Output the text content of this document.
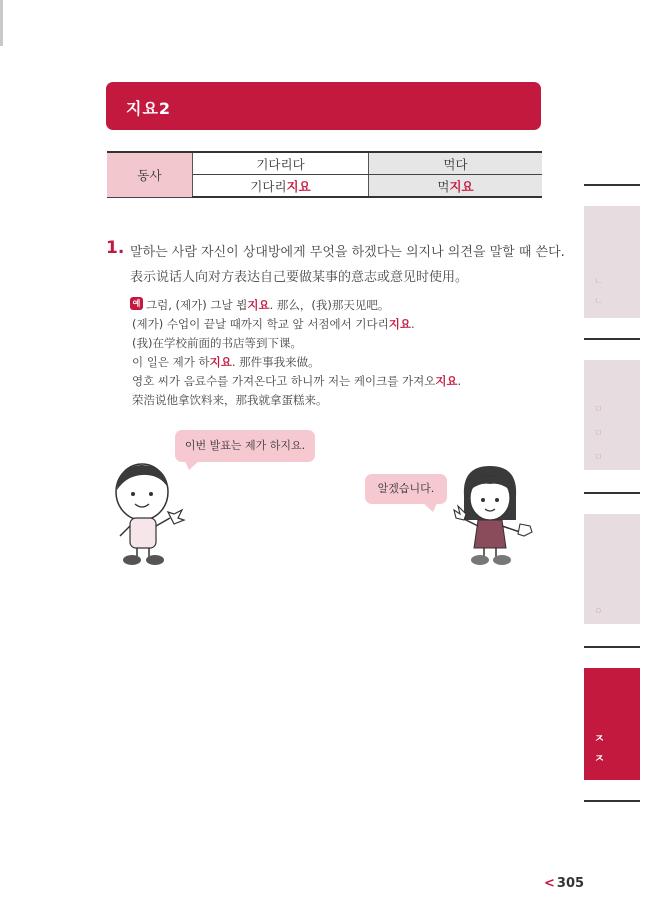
지요2
동사	기다리다	먹다
	기다리지요	먹지요
1. 말하는 사람 자신이 상대방에게 무엇을 하겠다는 의지나 의견을 말할 때 쓴다.
表示说话人向对方表达自己要做某事的意志或意见时使用。
예 그럼, (제가) 그날 뵙지요. 那么，(我)那天见吧。
(제가) 수업이 끝날 때까지 학교 앞 서점에서 기다리지요.
(我)在学校前面的书店等到下课。
이 일은 제가 하지요. 那件事我来做。
영호 씨가 음료수를 가져온다고 하니까 저는 케이크를 가져오지요.
荣浩说他拿饮料来，那我就拿蛋糕来。
이번 발표는 제가 하지요.
알겠습니다.
ㄴ
ㄴ
ㅁ
ㅁ
ㅁ
ㅇ
ㅈ
ㅈ
< 305
